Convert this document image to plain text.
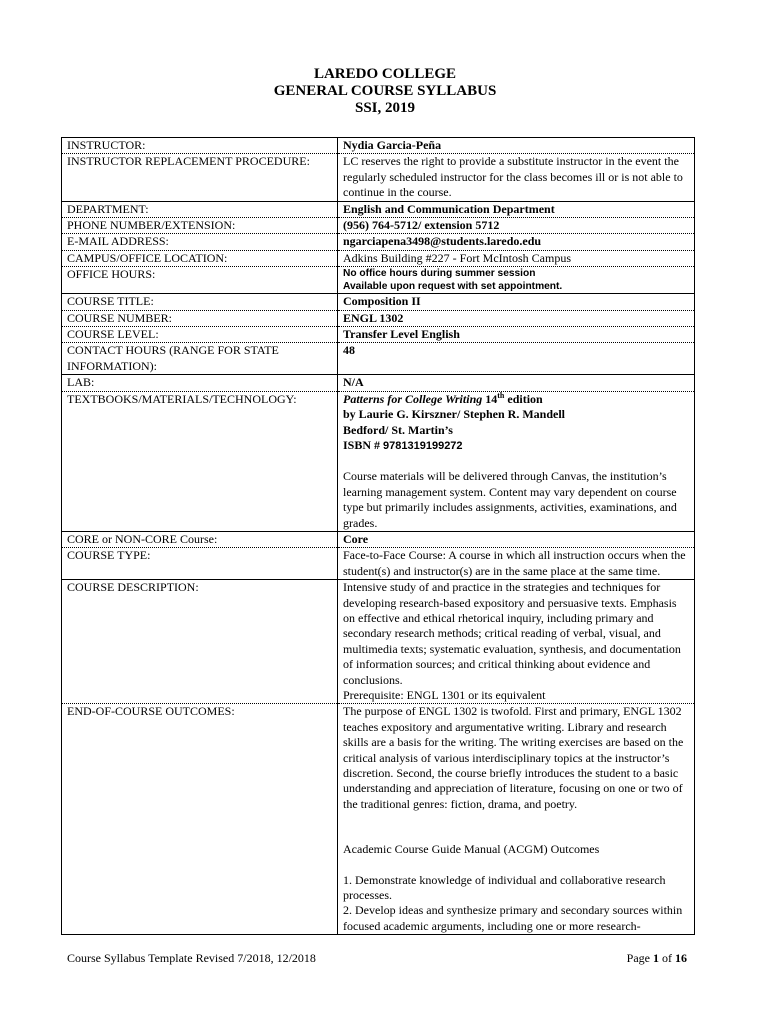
LAREDO COLLEGE
GENERAL COURSE SYLLABUS
SSI, 2019
INSTRUCTOR:	Nydia Garcia-Peña
INSTRUCTOR REPLACEMENT PROCEDURE:	LC reserves the right to provide a substitute instructor in the event the regularly scheduled instructor for the class becomes ill or is not able to continue in the course.
DEPARTMENT:	English and Communication Department
PHONE NUMBER/EXTENSION:	(956) 764-5712/ extension 5712
E-MAIL ADDRESS:	ngarciapena3498@students.laredo.edu
CAMPUS/OFFICE LOCATION:	Adkins Building #227 - Fort McIntosh Campus
OFFICE HOURS:	No office hours during summer session
Available upon request with set appointment.

COURSE TITLE:	Composition II
COURSE NUMBER:	ENGL 1302
COURSE LEVEL:	Transfer Level English
CONTACT HOURS (RANGE FOR STATE INFORMATION):	48
LAB:	N/A
TEXTBOOKS/MATERIALS/TECHNOLOGY:	Patterns for College Writing 14th edition
by Laurie G. Kirszner/ Stephen R. Mandell
Bedford/ St. Martin’s
ISBN # 9781319199272

Course materials will be delivered through Canvas, the institution’s learning management system. Content may vary dependent on course type but primarily includes assignments, activities, examinations, and grades.

CORE or NON-CORE Course:	Core
COURSE TYPE:	Face-to-Face Course: A course in which all instruction occurs when the student(s) and instructor(s) are in the same place at the same time.
COURSE DESCRIPTION:	Intensive study of and practice in the strategies and techniques for developing research-based expository and persuasive texts. Emphasis on effective and ethical rhetorical inquiry, including primary and secondary research methods; critical reading of verbal, visual, and multimedia texts; systematic evaluation, synthesis, and documentation of information sources; and critical thinking about evidence and conclusions.

Prerequisite: ENGL 1301 or its equivalent

END-OF-COURSE OUTCOMES:	The purpose of ENGL 1302 is twofold. First and primary, ENGL 1302 teaches expository and argumentative writing. Library and research skills are a basis for the writing. The writing exercises are based on the critical analysis of various interdisciplinary topics at the instructor’s discretion. Second, the course briefly introduces the student to a basic understanding and appreciation of literature, focusing on one or two of the traditional genres: fiction, drama, and poetry.

Academic Course Guide Manual (ACGM) Outcomes

1. Demonstrate knowledge of individual and collaborative research processes.

2. Develop ideas and synthesize primary and secondary sources within focused academic arguments, including one or more research-

Course Syllabus Template Revised 7/2018, 12/2018	Page 1 of 16
